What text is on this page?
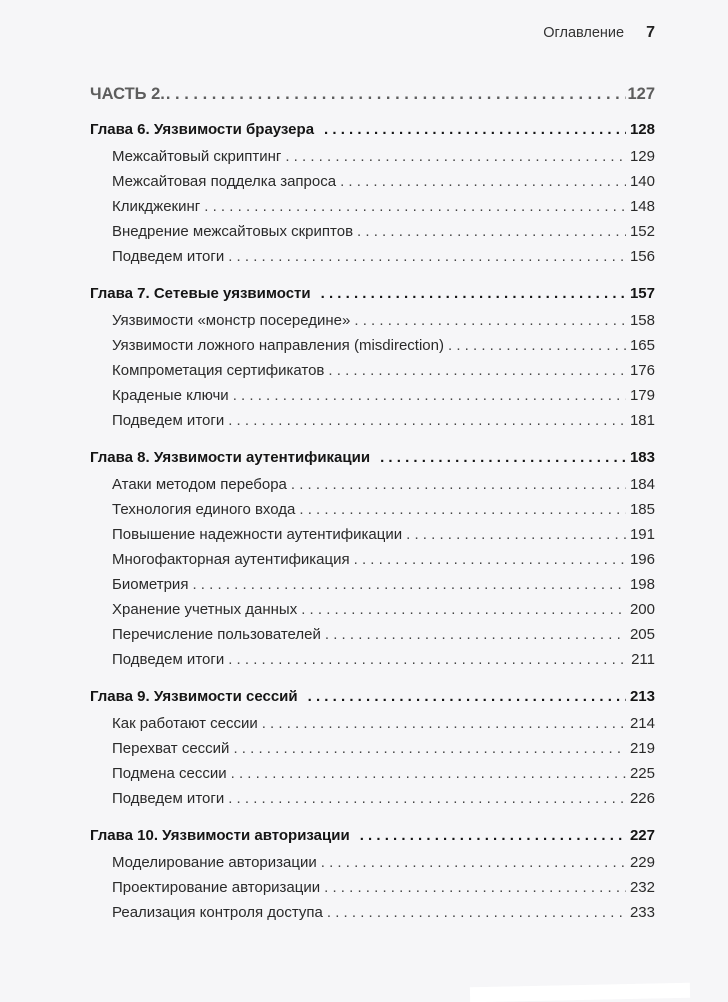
Оглавление 7
ЧАСТЬ 2. . . .	127
Глава 6. Уязвимости браузера . . .	128
Межсайтовый скриптинг . . .	129
Межсайтовая подделка запроса . . .	140
Кликджекинг . . .	148
Внедрение межсайтовых скриптов . . .	152
Подведем итоги . . .	156
Глава 7. Сетевые уязвимости . . .	157
Уязвимости «монстр посередине» . . .	158
Уязвимости ложного направления (misdirection) . . .	165
Компрометация сертификатов . . .	176
Краденые ключи . . .	179
Подведем итоги . . .	181
Глава 8. Уязвимости аутентификации . . .	183
Атаки методом перебора . . .	184
Технология единого входа . . .	185
Повышение надежности аутентификации . . .	191
Многофакторная аутентификация . . .	196
Биометрия . . .	198
Хранение учетных данных . . .	200
Перечисление пользователей . . .	205
Подведем итоги . . .	211
Глава 9. Уязвимости сессий . . .	213
Как работают сессии . . .	214
Перехват сессий . . .	219
Подмена сессии . . .	225
Подведем итоги . . .	226
Глава 10. Уязвимости авторизации . . .	227
Моделирование авторизации . . .	229
Проектирование авторизации . . .	232
Реализация контроля доступа . . .	233
